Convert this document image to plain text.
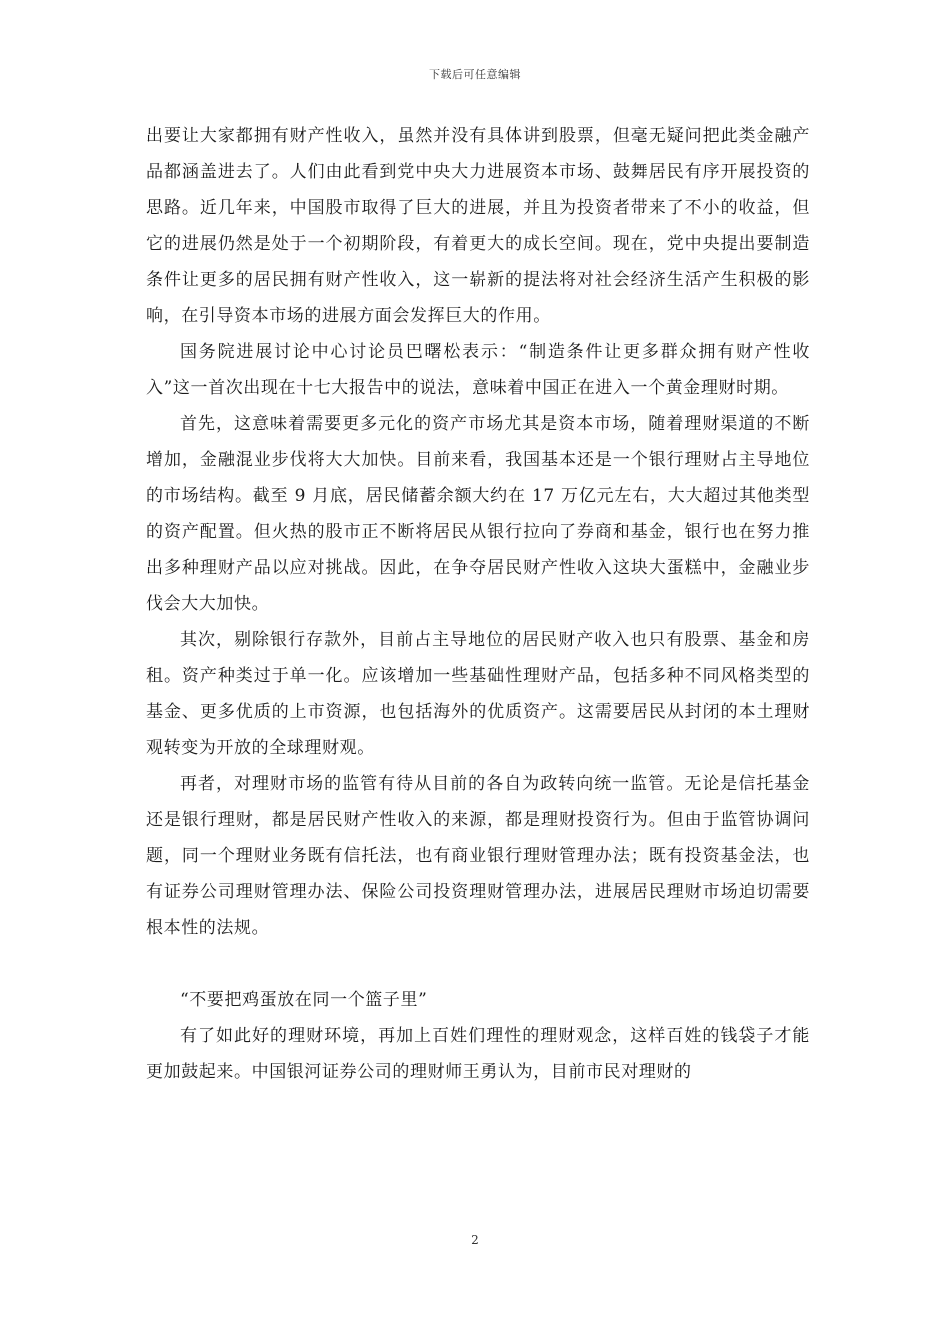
下载后可任意编辑

出要让大家都拥有财产性收入，虽然并没有具体讲到股票，但毫无疑问把此类金融产品都涵盖进去了。人们由此看到党中央大力进展资本市场、鼓舞居民有序开展投资的思路。近几年来，中国股市取得了巨大的进展，并且为投资者带来了不小的收益，但它的进展仍然是处于一个初期阶段，有着更大的成长空间。现在，党中央提出要制造条件让更多的居民拥有财产性收入，这一崭新的提法将对社会经济生活产生积极的影响，在引导资本市场的进展方面会发挥巨大的作用。

国务院进展讨论中心讨论员巴曙松表示：“制造条件让更多群众拥有财产性收入”这一首次出现在十七大报告中的说法，意味着中国正在进入一个黄金理财时期。

首先，这意味着需要更多元化的资产市场尤其是资本市场，随着理财渠道的不断增加，金融混业步伐将大大加快。目前来看，我国基本还是一个银行理财占主导地位的市场结构。截至 9 月底，居民储蓄余额大约在 17 万亿元左右，大大超过其他类型的资产配置。但火热的股市正不断将居民从银行拉向了券商和基金，银行也在努力推出多种理财产品以应对挑战。因此，在争夺居民财产性收入这块大蛋糕中，金融业步伐会大大加快。

其次，剔除银行存款外，目前占主导地位的居民财产收入也只有股票、基金和房租。资产种类过于单一化。应该增加一些基础性理财产品，包括多种不同风格类型的基金、更多优质的上市资源，也包括海外的优质资产。这需要居民从封闭的本土理财观转变为开放的全球理财观。

再者，对理财市场的监管有待从目前的各自为政转向统一监管。无论是信托基金还是银行理财，都是居民财产性收入的来源，都是理财投资行为。但由于监管协调问题，同一个理财业务既有信托法，也有商业银行理财管理办法；既有投资基金法，也有证券公司理财管理办法、保险公司投资理财管理办法，进展居民理财市场迫切需要根本性的法规。

“不要把鸡蛋放在同一个篮子里”

有了如此好的理财环境，再加上百姓们理性的理财观念，这样百姓的钱袋子才能更加鼓起来。中国银河证券公司的理财师王勇认为，目前市民对理财的

2
